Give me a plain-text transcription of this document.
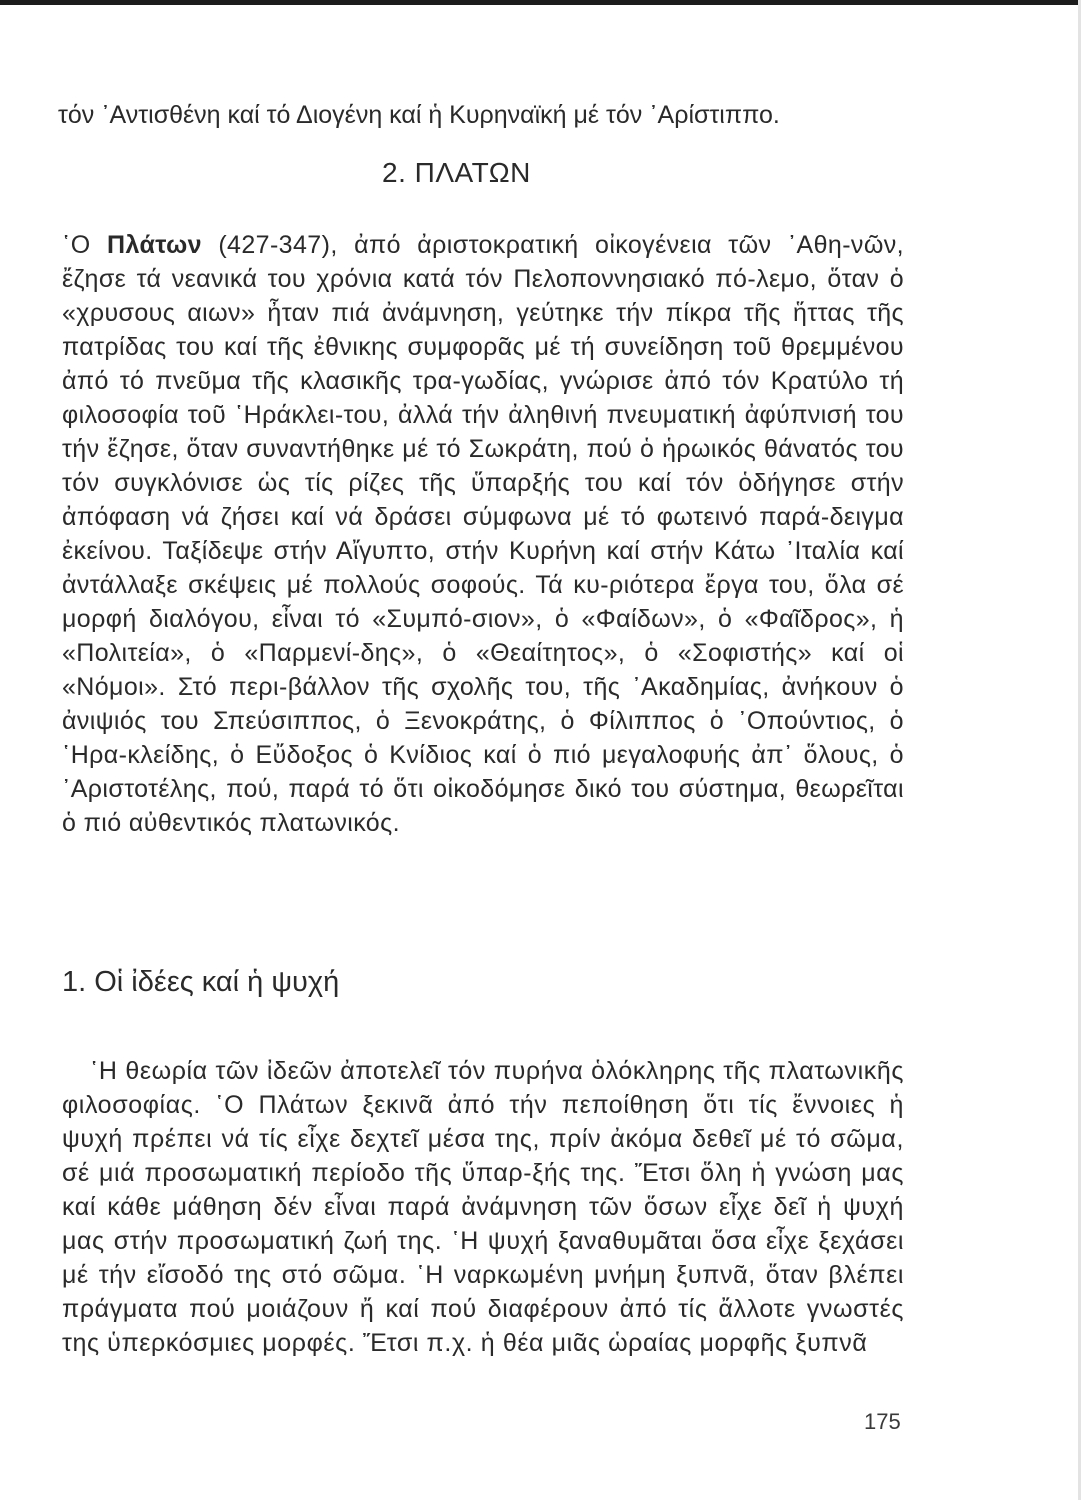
τόν ᾿Αντισθένη καί τό Διογένη καί ἡ Κυρηναϊκή μέ τόν ᾿Αρίστιππο.
2. ΠΛΑΤΩΝ

῾Ο Πλάτων (427-347), ἀπό ἀριστοκρατική οἰκογένεια τῶν ᾿Αθη-νῶν, ἔζησε τά νεανικά του χρόνια κατά τόν Πελοποννησιακό πό-λεμο, ὅταν ὁ «χρυσους αιων» ἦταν πιά ἀνάμνηση, γεύτηκε τήν πίκρα τῆς ἥττας τῆς πατρίδας του καί τῆς ἐθνικης συμφορᾶς μέ τή συνείδηση τοῦ θρεμμένου ἀπό τό πνεῦμα τῆς κλασικῆς τρα-γωδίας, γνώρισε ἀπό τόν Κρατύλο τή φιλοσοφία τοῦ ῾Ηράκλει-του, ἀλλά τήν ἀληθινή πνευματική ἀφύπνισή του τήν ἔζησε, ὅταν συναντήθηκε μέ τό Σωκράτη, πού ὁ ἡρωικός θάνατός του τόν συγκλόνισε ὡς τίς ρίζες τῆς ὕπαρξής του καί τόν ὁδήγησε στήν ἀπόφαση νά ζήσει καί νά δράσει σύμφωνα μέ τό φωτεινό παρά-δειγμα ἐκείνου. Ταξίδεψε στήν Αἴγυπτο, στήν Κυρήνη καί στήν Κάτω ᾿Ιταλία καί ἀντάλλαξε σκέψεις μέ πολλούς σοφούς. Τά κυ-ριότερα ἔργα του, ὅλα σέ μορφή διαλόγου, εἶναι τό «Συμπό-σιον», ὁ «Φαίδων», ὁ «Φαῖδρος», ἡ «Πολιτεία», ὁ «Παρμενί-δης», ὁ «Θεαίτητος», ὁ «Σοφιστής» καί οἱ «Νόμοι». Στό περι-βάλλον τῆς σχολῆς του, τῆς ᾿Ακαδημίας, ἀνήκουν ὁ ἀνιψιός του Σπεύσιππος, ὁ Ξενοκράτης, ὁ Φίλιππος ὁ ᾿Οπούντιος, ὁ ῾Ηρα-κλείδης, ὁ Εὔδοξος ὁ Κνίδιος καί ὁ πιό μεγαλοφυής ἀπ᾿ ὅλους, ὁ ᾿Αριστοτέλης, πού, παρά τό ὅτι οἰκοδόμησε δικό του σύστημα, θεωρεῖται ὁ πιό αὐθεντικός πλατωνικός.

1. Οἱ ἰδέες καί ἡ ψυχή

῾Η θεωρία τῶν ἰδεῶν ἀποτελεῖ τόν πυρήνα ὁλόκληρης τῆς πλατωνικῆς φιλοσοφίας. ῾Ο Πλάτων ξεκινᾶ ἀπό τήν πεποίθηση ὅτι τίς ἔννοιες ἡ ψυχή πρέπει νά τίς εἶχε δεχτεῖ μέσα της, πρίν ἀκόμα δεθεῖ μέ τό σῶμα, σέ μιά προσωματική περίοδο τῆς ὕπαρ-ξής της. Ἔτσι ὅλη ἡ γνώση μας καί κάθε μάθηση δέν εἶναι παρά ἀνάμνηση τῶν ὅσων εἶχε δεῖ ἡ ψυχή μας στήν προσωματική ζωή της. ῾Η ψυχή ξαναθυμᾶται ὅσα εἶχε ξεχάσει μέ τήν εἴσοδό της στό σῶμα. ῾Η ναρκωμένη μνήμη ξυπνᾶ, ὅταν βλέπει πράγματα πού μοιάζουν ἤ καί πού διαφέρουν ἀπό τίς ἄλλοτε γνωστές της ὑπερκόσμιες μορφές. Ἔτσι π.χ. ἡ θέα μιᾶς ὡραίας μορφῆς ξυπνᾶ

175
